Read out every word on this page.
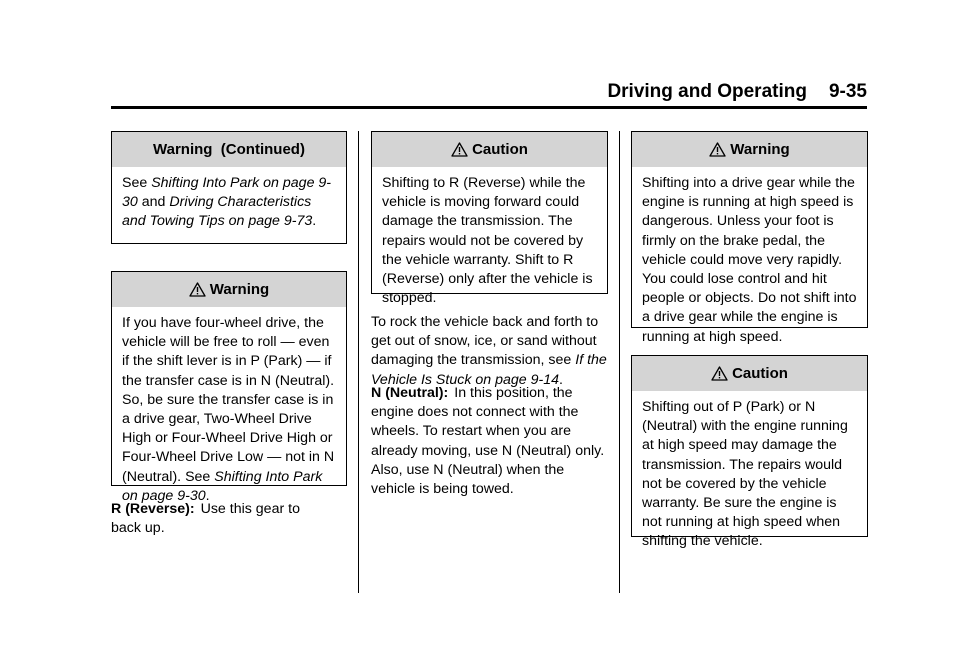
Driving and Operating 9-35
Warning  (Continued)
See Shifting Into Park on page 9-30 and Driving Characteristics and Towing Tips on page 9-73.
Warning
If you have four-wheel drive, the vehicle will be free to roll — even if the shift lever is in P (Park) — if the transfer case is in N (Neutral). So, be sure the transfer case is in a drive gear, Two-Wheel Drive High or Four-Wheel Drive High or Four-Wheel Drive Low — not in N (Neutral). See Shifting Into Park on page 9-30.
R (Reverse): Use this gear to back up.
Caution
Shifting to R (Reverse) while the vehicle is moving forward could damage the transmission. The repairs would not be covered by the vehicle warranty. Shift to R (Reverse) only after the vehicle is stopped.
To rock the vehicle back and forth to get out of snow, ice, or sand without damaging the transmission, see If the Vehicle Is Stuck on page 9-14.
N (Neutral): In this position, the engine does not connect with the wheels. To restart when you are already moving, use N (Neutral) only. Also, use N (Neutral) when the vehicle is being towed.
Warning
Shifting into a drive gear while the engine is running at high speed is dangerous. Unless your foot is firmly on the brake pedal, the vehicle could move very rapidly. You could lose control and hit people or objects. Do not shift into a drive gear while the engine is running at high speed.
Caution
Shifting out of P (Park) or N (Neutral) with the engine running at high speed may damage the transmission. The repairs would not be covered by the vehicle warranty. Be sure the engine is not running at high speed when shifting the vehicle.
